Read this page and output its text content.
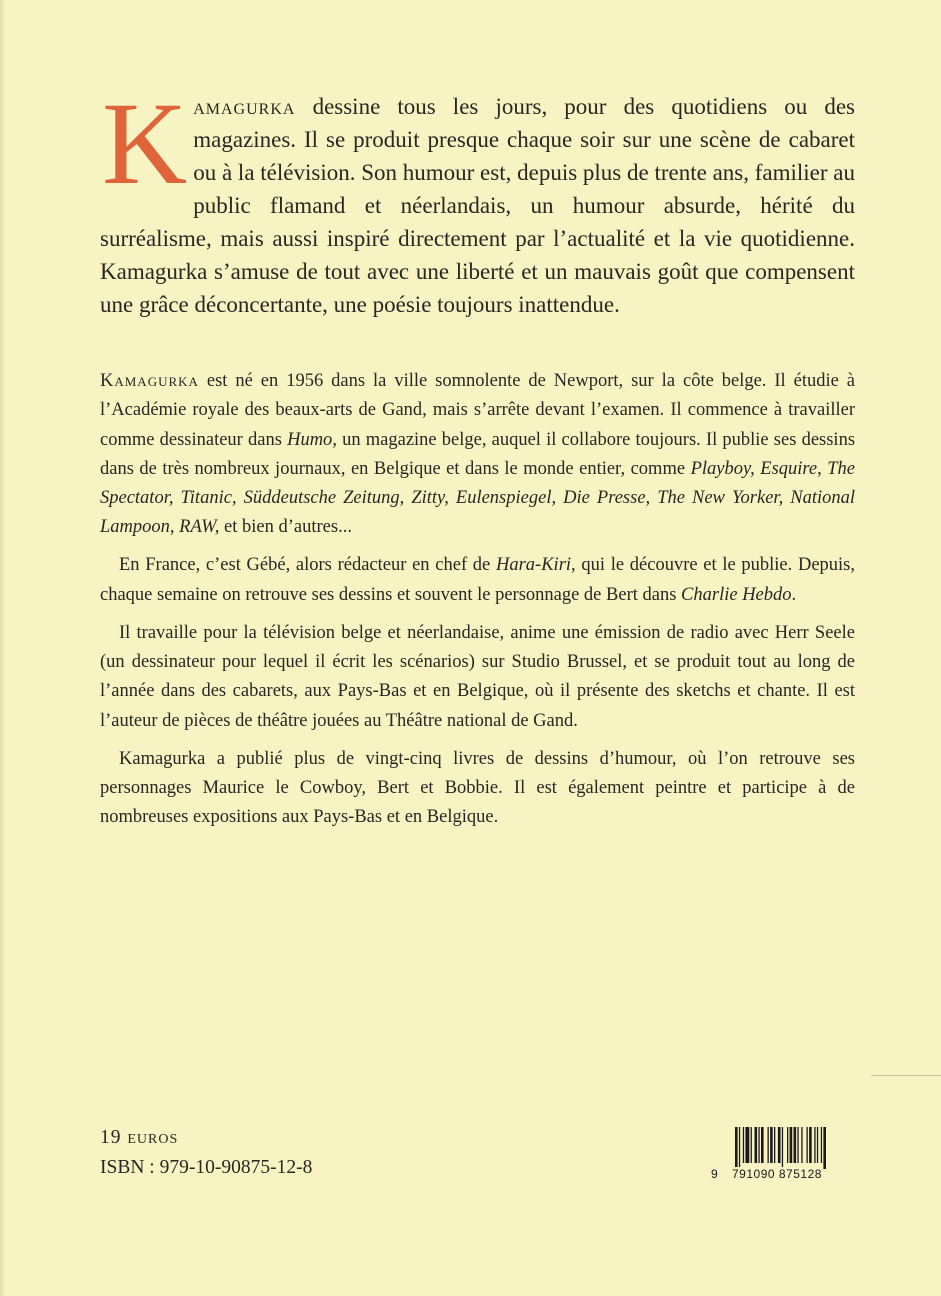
Kamagurka dessine tous les jours, pour des quotidiens ou des magazines. Il se produit presque chaque soir sur une scène de cabaret ou à la télévision. Son humour est, depuis plus de trente ans, familier au public flamand et néerlandais, un humour absurde, hérité du surréalisme, mais aussi inspiré directement par l’actualité et la vie quotidienne. Kamagurka s’amuse de tout avec une liberté et un mauvais goût que compensent une grâce déconcertante, une poésie toujours inattendue.

Kamagurka est né en 1956 dans la ville somnolente de Newport, sur la côte belge. Il étudie à l’Académie royale des beaux-arts de Gand, mais s’arrête devant l’examen. Il commence à travailler comme dessinateur dans Humo, un magazine belge, auquel il collabore toujours. Il publie ses dessins dans de très nombreux journaux, en Belgique et dans le monde entier, comme Playboy, Esquire, The Spectator, Titanic, Süddeutsche Zeitung, Zitty, Eulenspiegel, Die Presse, The New Yorker, National Lampoon, RAW, et bien d’autres...

En France, c’est Gébé, alors rédacteur en chef de Hara-Kiri, qui le découvre et le publie. Depuis, chaque semaine on retrouve ses dessins et souvent le personnage de Bert dans Charlie Hebdo.

Il travaille pour la télévision belge et néerlandaise, anime une émission de radio avec Herr Seele (un dessinateur pour lequel il écrit les scénarios) sur Studio Brussel, et se produit tout au long de l’année dans des cabarets, aux Pays-Bas et en Belgique, où il présente des sketchs et chante. Il est l’auteur de pièces de théâtre jouées au Théâtre national de Gand.

Kamagurka a publié plus de vingt-cinq livres de dessins d’humour, où l’on retrouve ses personnages Maurice le Cowboy, Bert et Bobbie. Il est également peintre et participe à de nombreuses expositions aux Pays-Bas et en Belgique.

19 euros
ISBN : 979-10-90875-12-8	9 791090 875128
